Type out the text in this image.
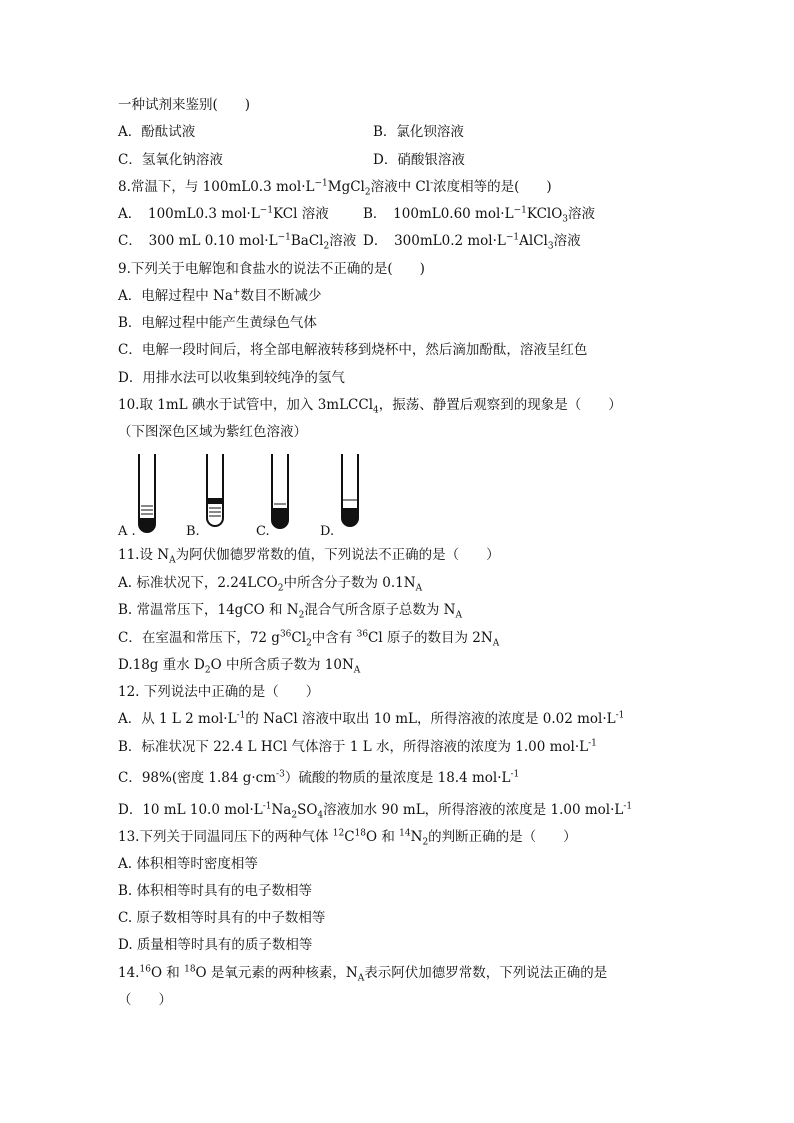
一种试剂来鉴别(　　)
A．酚酞试液	B．氯化钡溶液
C．氢氧化钠溶液	D．硝酸银溶液
8.常温下，与 100mL0.3 $mol\cdot L^{-1}MgCl_2$溶液中 Cl-浓度相等的是(　　)
A．　100mL0.3 $mol\cdot L^{-1}KCl$ 溶液	B．　100mL0.60 $mol\cdot L^{-1}KClO_3$溶液
C．　300 mL 0.10 $mol\cdot L^{-1}BaCl_2$溶液 D．　300mL0.2 $mol\cdot L^{-1}AlCl_3$溶液
9.下列关于电解饱和食盐水的说法不正确的是(　　)
A．电解过程中 Na+数目不断减少
B．电解过程中能产生黄绿色气体
C．电解一段时间后，将全部电解液转移到烧杯中，然后滴加酚酞，溶液呈红色
D．用排水法可以收集到较纯净的氢气
10.取 1mL 碘水于试管中，加入 3mLCCl$_4$，振荡、静置后观察到的现象是（　　）
（下图深色区域为紫红色溶液）
A .	B.	C.	D.
11.设 $N_A$为阿伏伽德罗常数的值，下列说法不正确的是（　　）
A. 标准状况下，$2.24LCO_2$中所含分子数为 $0.1N_A$
B. 常温常压下，14gCO 和 $N_2$混合气所含原子总数为 $N_A$
C．在室温和常压下，72 $g^{36}Cl_2$中含有 $^{36}$Cl 原子的数目为 $2N_A$
D.18g 重水 $D_2O$ 中所含质子数为 $10N_A$
12. 下列说法中正确的是（　　）
A．从 1 L 2 $mol\cdot L^{-1}$的 NaCl 溶液中取出 10 mL，所得溶液的浓度是 0.02 $mol\cdot L^{-1}$
B．标准状况下 22.4 L HCl 气体溶于 1 L 水，所得溶液的浓度为 1.00 $mol\cdot L^{-1}$
C．98%(密度 1.84 $g\cdot cm^{-3}$）硫酸的物质的量浓度是 18.4 $mol\cdot L^{-1}$
D．10 mL 10.0 $mol\cdot L^{-1}Na_2SO_4$溶液加水 90 mL，所得溶液的浓度是 1.00 $mol\cdot L^{-1}$
13.下列关于同温同压下的两种气体 $^{12}C^{18}O$ 和 $^{14}N_2$的判断正确的是（　　）
A. 体积相等时密度相等
B. 体积相等时具有的电子数相等
C. 原子数相等时具有的中子数相等
D. 质量相等时具有的质子数相等
14.16O 和 $^{18}$O 是氧元素的两种核素，$N_A$表示阿伏加德罗常数，下列说法正确的是
（　　）
